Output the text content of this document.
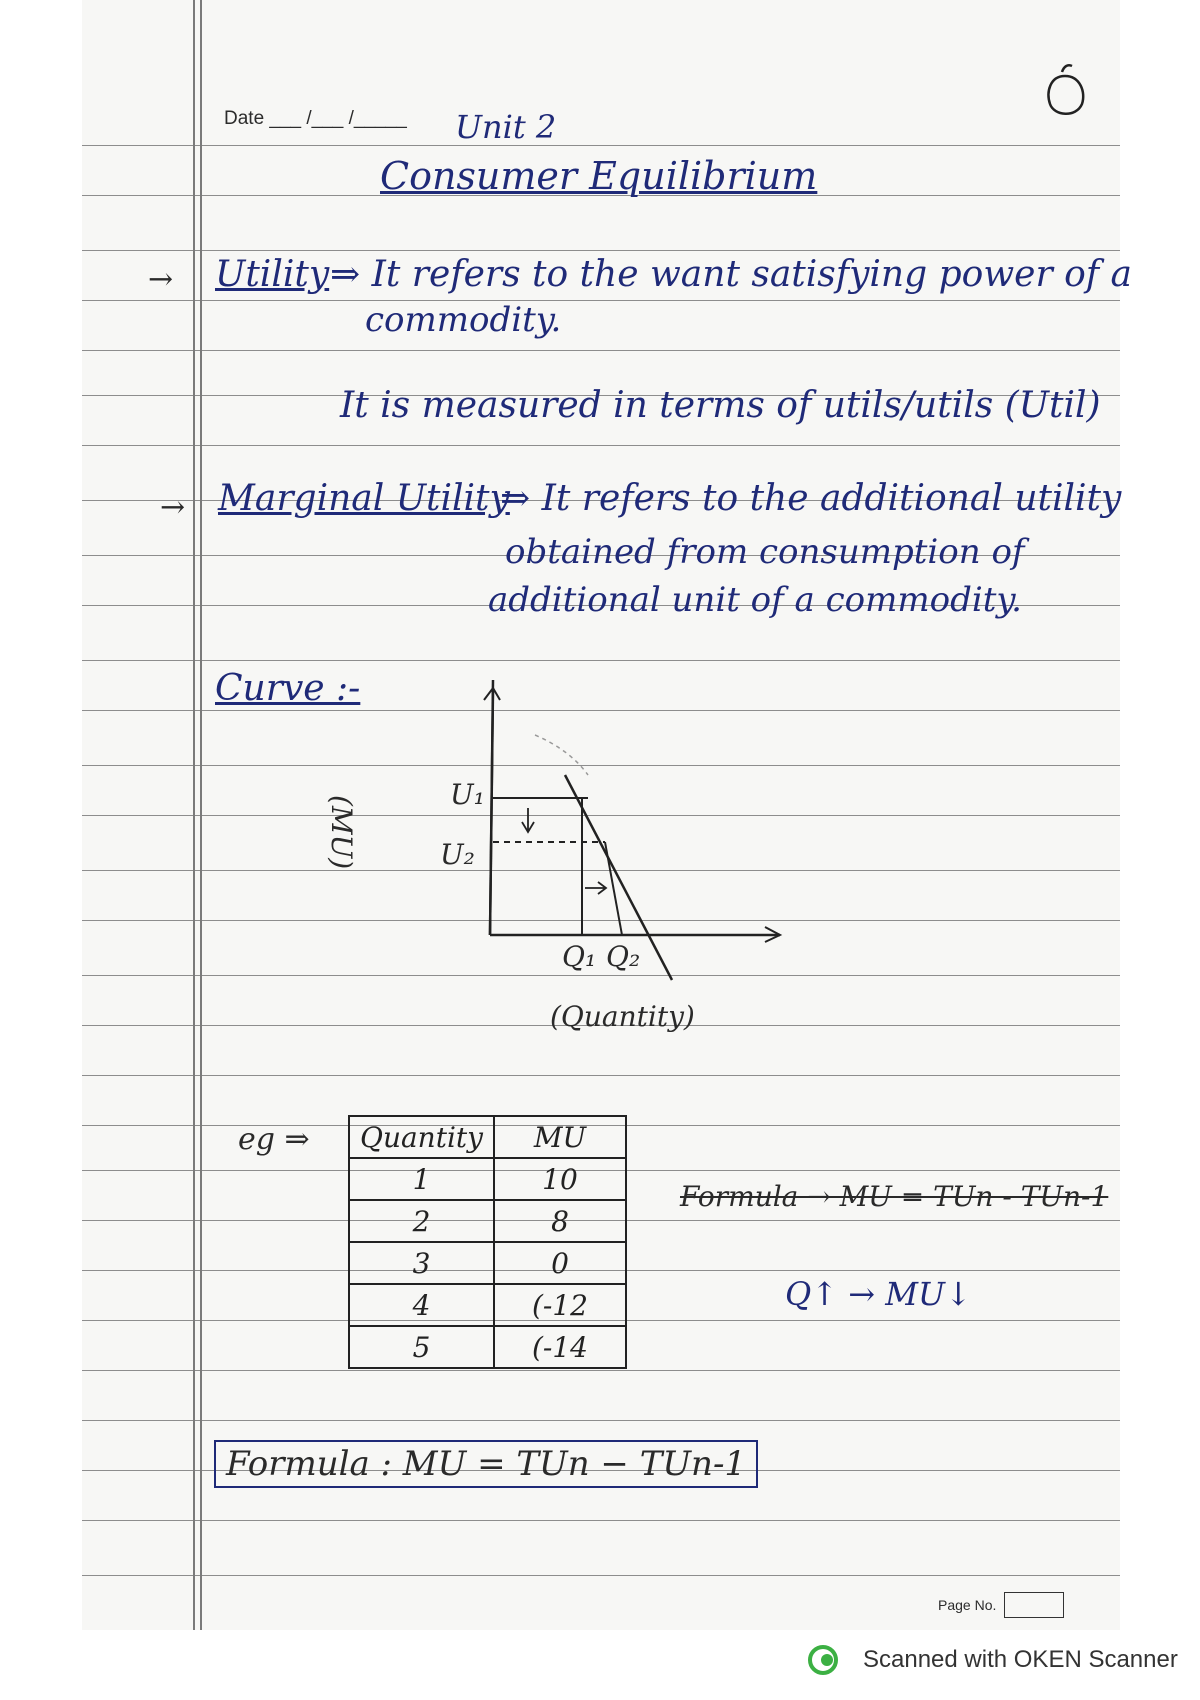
Date ___ /___ /_____ Unit 2
Consumer Equilibrium
→ Utility ⇒ It refers to the want satisfying power of a
commodity.
It is measured in terms of utils/utils (Util)
→ Marginal Utility
⇒ It refers to the additional utility
obtained from consumption of
additional unit of a commodity.
Curve :-
U₁
U₂
(MU)
Q₁ Q₂
(Quantity)
eg ⇒ Quantity	MU
1	10
2	8
3	0
4	(-12
5	(-14
Formula → MU = TUn - TUn-1
Q↑ → MU↓
Formula : MU = TUn − TUn-1
Page No.
Scanned with OKEN Scanner
